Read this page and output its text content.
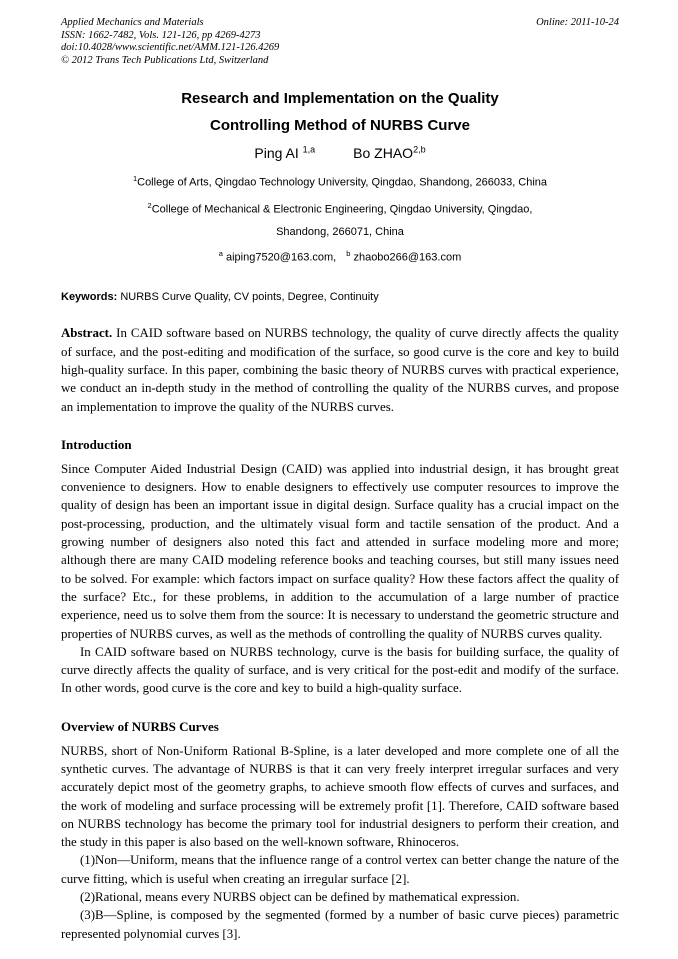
Applied Mechanics and Materials
ISSN: 1662-7482, Vols. 121-126, pp 4269-4273
doi:10.4028/www.scientific.net/AMM.121-126.4269
© 2012 Trans Tech Publications Ltd, Switzerland
Online: 2011-10-24
Research and Implementation on the Quality
Controlling Method of NURBS Curve
Ping AI $^{1,a}$	Bo ZHAO$^{2,b}$
$^1$College of Arts, Qingdao Technology University, Qingdao, Shandong, 266033, China
$^2$College of Mechanical & Electronic Engineering, Qingdao University, Qingdao,
Shandong, 266071, China
$^a$ aiping7520@163.com, $^b$ zhaobo266@163.com
Keywords: NURBS Curve Quality, CV points, Degree, Continuity
Abstract. In CAID software based on NURBS technology, the quality of curve directly affects the quality of surface, and the post-editing and modification of the surface, so good curve is the core and key to build high-quality surface. In this paper, combining the basic theory of NURBS curves with practical experience, we conduct an in-depth study in the method of controlling the quality of the NURBS curves, and propose an implementation to improve the quality of the NURBS curves.
Introduction

Since Computer Aided Industrial Design (CAID) was applied into industrial design, it has brought great convenience to designers. How to enable designers to effectively use computer resources to improve the quality of design has been an important issue in digital design. Surface quality has a crucial impact on the post-processing, production, and the ultimately visual form and tactile sensation of the product. And a growing number of designers also noted this fact and attended in surface modeling more and more; although there are many CAID modeling reference books and teaching courses, but still many issues need to be solved. For example: which factors impact on surface quality? How these factors affect the quality of the surface? Etc., for these problems, in addition to the accumulation of a large number of practice experience, need us to solve them from the source: It is necessary to understand the geometric structure and properties of NURBS curves, as well as the methods of controlling the quality of NURBS curves quality.

In CAID software based on NURBS technology, curve is the basis for building surface, the quality of curve directly affects the quality of surface, and is very critical for the post-edit and modify of the surface. In other words, good curve is the core and key to build a high-quality surface.

Overview of NURBS Curves

NURBS, short of Non-Uniform Rational B-Spline, is a later developed and more complete one of all the synthetic curves. The advantage of NURBS is that it can very freely interpret irregular surfaces and very accurately depict most of the geometry graphs, to achieve smooth flow effects of curves and surfaces, and the work of modeling and surface processing will be extremely profit [1]. Therefore, CAID software based on NURBS technology has become the primary tool for industrial designers to perform their creation, and the study in this paper is also based on the well-known software, Rhinoceros.

(1)Non—Uniform, means that the influence range of a control vertex can better change the nature of the curve fitting, which is useful when creating an irregular surface [2].

(2)Rational, means every NURBS object can be defined by mathematical expression.

(3)B—Spline, is composed by the segmented (formed by a number of basic curve pieces) parametric represented polynomial curves [3].
